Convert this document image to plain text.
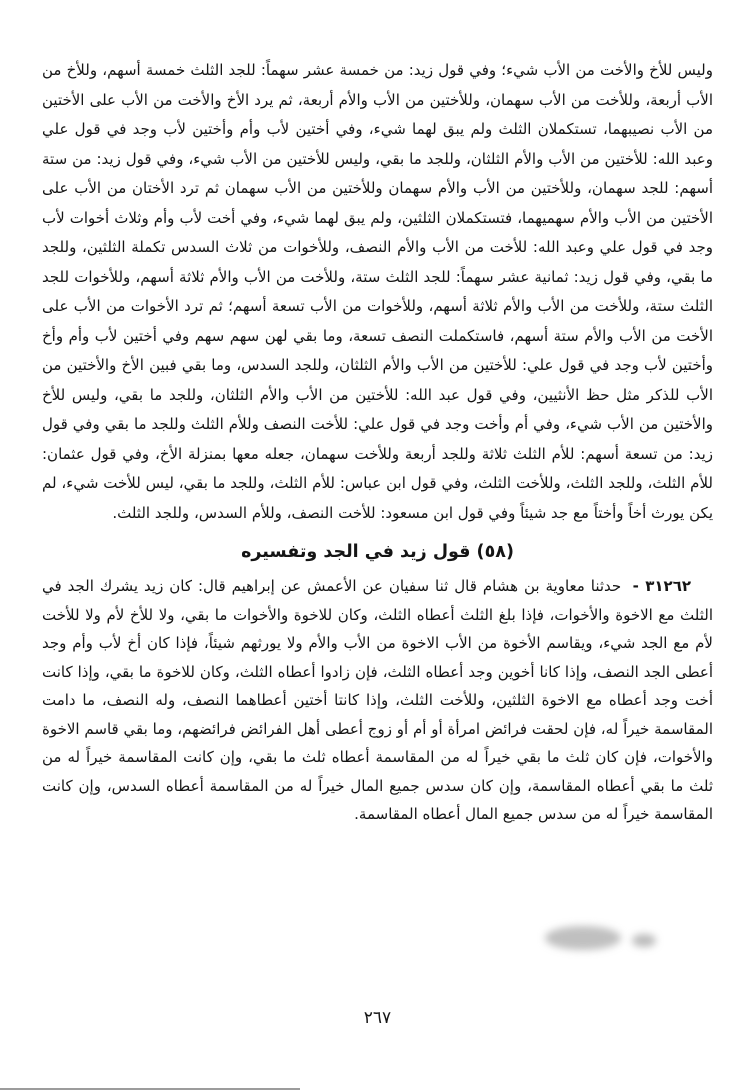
وليس للأخ والأخت من الأب شيء؛ وفي قول زيد: من خمسة عشر سهماً: للجد الثلث خمسة أسهم، وللأخ من الأب أربعة، وللأخت من الأب سهمان، وللأختين من الأب والأم أربعة، ثم يرد الأخ والأخت من الأب على الأختين من الأب نصيبهما، تستكملان الثلث ولم يبق لهما شيء، وفي أختين لأب وأم وأختين لأب وجد في قول علي وعبد الله: للأختين من الأب والأم الثلثان، وللجد ما بقي، وليس للأختين من الأب شيء، وفي قول زيد: من ستة أسهم: للجد سهمان، وللأختين من الأب والأم سهمان وللأختين من الأب سهمان ثم ترد الأختان من الأب على الأختين من الأب والأم سهميهما، فتستكملان الثلثين، ولم يبق لهما شيء، وفي أخت لأب وأم وثلاث أخوات لأب وجد في قول علي وعبد الله: للأخت من الأب والأم النصف، وللأخوات من ثلاث السدس تكملة الثلثين، وللجد ما بقي، وفي قول زيد: ثمانية عشر سهماً: للجد الثلث ستة، وللأخت من الأب والأم ثلاثة أسهم، وللأخوات للجد الثلث ستة، وللأخت من الأب والأم ثلاثة أسهم، وللأخوات من الأب تسعة أسهم؛ ثم ترد الأخوات من الأب على الأخت من الأب والأم ستة أسهم، فاستكملت النصف تسعة، وما بقي لهن سهم سهم وفي أختين لأب وأم وأخ وأختين لأب وجد في قول علي: للأختين من الأب والأم الثلثان، وللجد السدس، وما بقي فبين الأخ والأختين من الأب للذكر مثل حظ الأنثيين، وفي قول عبد الله: للأختين من الأب والأم الثلثان، وللجد ما بقي، وليس للأخ والأختين من الأب شيء، وفي أم وأخت وجد في قول علي: للأخت النصف وللأم الثلث وللجد ما بقي وفي قول زيد: من تسعة أسهم: للأم الثلث ثلاثة وللجد أربعة وللأخت سهمان، جعله معها بمنزلة الأخ، وفي قول عثمان: للأم الثلث، وللجد الثلث، وللأخت الثلث، وفي قول ابن عباس: للأم الثلث، وللجد ما بقي، ليس للأخت شيء، لم يكن يورث أخاً وأختاً مع جد شيئاً وفي قول ابن مسعود: للأخت النصف، وللأم السدس، وللجد الثلث.

(٥٨) قول زيد في الجد وتفسيره

٣١٢٦٢ - حدثنا معاوية بن هشام قال ثنا سفيان عن الأعمش عن إبراهيم قال: كان زيد يشرك الجد في الثلث مع الاخوة والأخوات، فإذا بلغ الثلث أعطاه الثلث، وكان للاخوة والأخوات ما بقي، ولا للأخ لأم ولا للأخت لأم مع الجد شيء، ويقاسم الأخوة من الأب الاخوة من الأب والأم ولا يورثهم شيئاً، فإذا كان أخ لأب وأم وجد أعطى الجد النصف، وإذا كانا أخوين وجد أعطاه الثلث، فإن زادوا أعطاه الثلث، وكان للاخوة ما بقي، وإذا كانت أخت وجد أعطاه مع الاخوة الثلثين، وللأخت الثلث، وإذا كانتا أختين أعطاهما النصف، وله النصف، ما دامت المقاسمة خيراً له، فإن لحقت فرائض امرأة أو أم أو زوج أعطى أهل الفرائض فرائضهم، وما بقي قاسم الاخوة والأخوات، فإن كان ثلث ما بقي خيراً له من المقاسمة أعطاه ثلث ما بقي، وإن كانت المقاسمة خيراً له من ثلث ما بقي أعطاه المقاسمة، وإن كان سدس جميع المال خيراً له من المقاسمة أعطاه السدس، وإن كانت المقاسمة خيراً له من سدس جميع المال أعطاه المقاسمة.

٢٦٧
